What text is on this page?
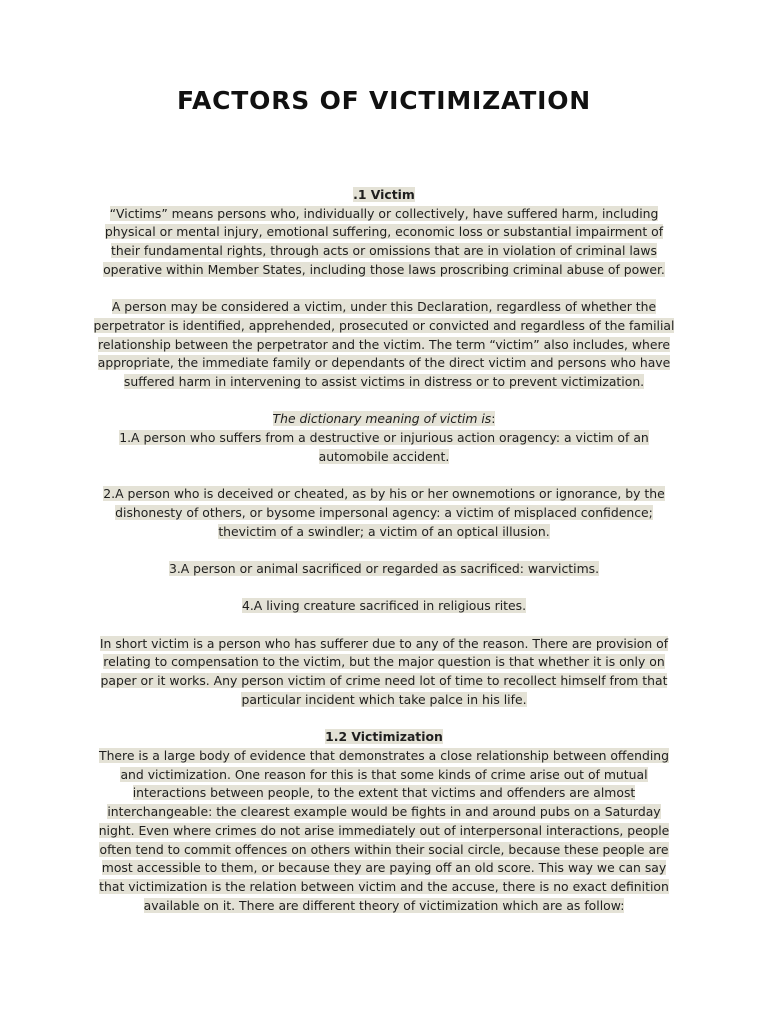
FACTORS OF VICTIMIZATION

.1 Victim
“Victims” means persons who, individually or collectively, have suffered harm, including physical or mental injury, emotional suffering, economic loss or substantial impairment of their fundamental rights, through acts or omissions that are in violation of criminal laws operative within Member States, including those laws proscribing criminal abuse of power.

A person may be considered a victim, under this Declaration, regardless of whether the perpetrator is identified, apprehended, prosecuted or convicted and regardless of the familial relationship between the perpetrator and the victim. The term “victim” also includes, where appropriate, the immediate family or dependants of the direct victim and persons who have suffered harm in intervening to assist victims in distress or to prevent victimization.

The dictionary meaning of victim is:
1.A person who suffers from a destructive or injurious action oragency: a victim of an automobile accident.

2.A person who is deceived or cheated, as by his or her ownemotions or ignorance, by the dishonesty of others, or bysome impersonal agency: a victim of misplaced confidence; thevictim of a swindler; a victim of an optical illusion.

3.A person or animal sacrificed or regarded as sacrificed: warvictims.

4.A living creature sacrificed in religious rites.

In short victim is a person who has sufferer due to any of the reason. There are provision of relating to compensation to the victim, but the major question is that whether it is only on paper or it works. Any person victim of crime need lot of time to recollect himself from that particular incident which take palce in his life.

1.2 Victimization
There is a large body of evidence that demonstrates a close relationship between offending and victimization. One reason for this is that some kinds of crime arise out of mutual interactions between people, to the extent that victims and offenders are almost interchangeable: the clearest example would be fights in and around pubs on a Saturday night. Even where crimes do not arise immediately out of interpersonal interactions, people often tend to commit offences on others within their social circle, because these people are most accessible to them, or because they are paying off an old score. This way we can say that victimization is the relation between victim and the accuse, there is no exact definition available on it. There are different theory of victimization which are as follow:
